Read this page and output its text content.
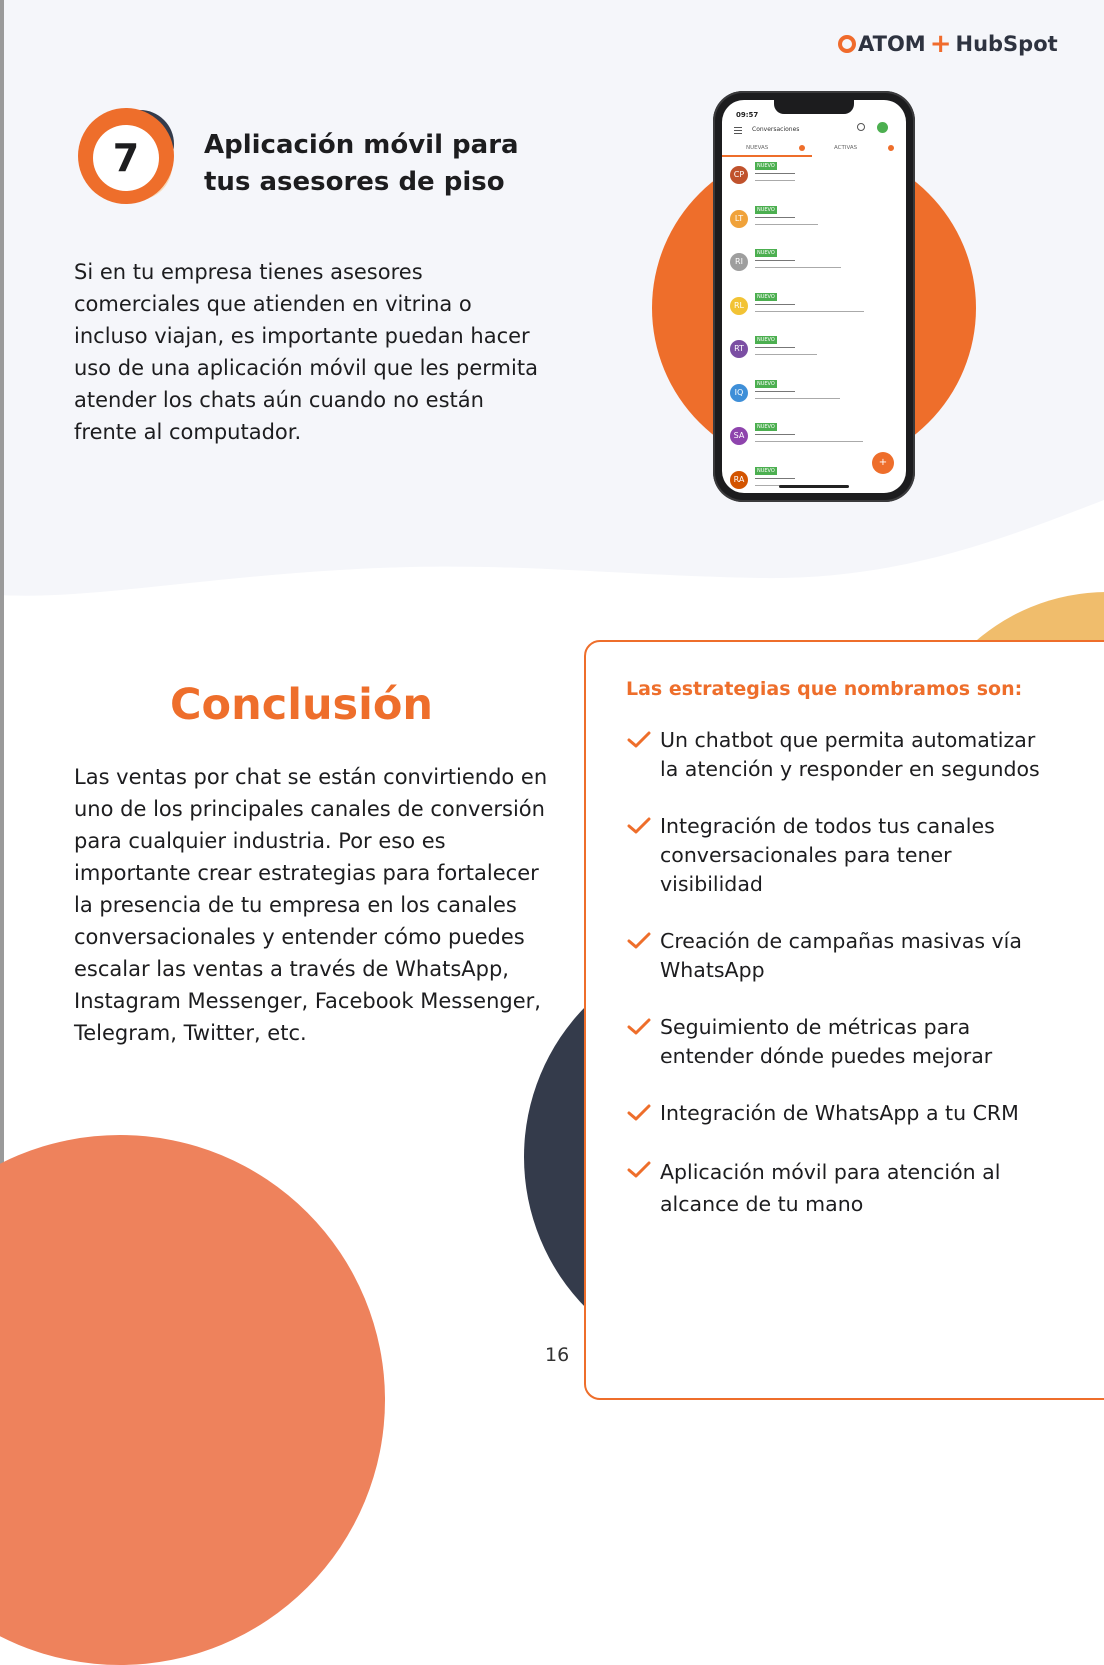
ATOM + HubSpot
7	Aplicación móvil para
tus asesores de piso
Si en tu empresa tienes asesores comerciales que atienden en vitrina o incluso viajan, es importante puedan hacer uso de una aplicación móvil que les permita atender los chats aún cuando no están frente al computador.
09:57
Conversaciones
NUEVAS	ACTIVAS
CP
NUEVO
LT
NUEVO
RI
NUEVO
RL
NUEVO
RT
NUEVO
IQ
NUEVO
SA
NUEVO
RA
NUEVO
+
Conclusión
Las ventas por chat se están convirtiendo en uno de los principales canales de conversión para cualquier industria. Por eso es importante crear estrategias para fortalecer la presencia de tu empresa en los canales conversacionales y entender cómo puedes escalar las ventas a través de WhatsApp, Instagram Messenger, Facebook Messenger, Telegram, Twitter, etc.
Las estrategias que nombramos son:
Un chatbot que permita automatizar la atención y responder en segundos
Integración de todos tus canales conversacionales para tener visibilidad
Creación de campañas masivas vía WhatsApp
Seguimiento de métricas para entender dónde puedes mejorar
Integración de WhatsApp a tu CRM
Aplicación móvil para atención al alcance de tu mano
16
